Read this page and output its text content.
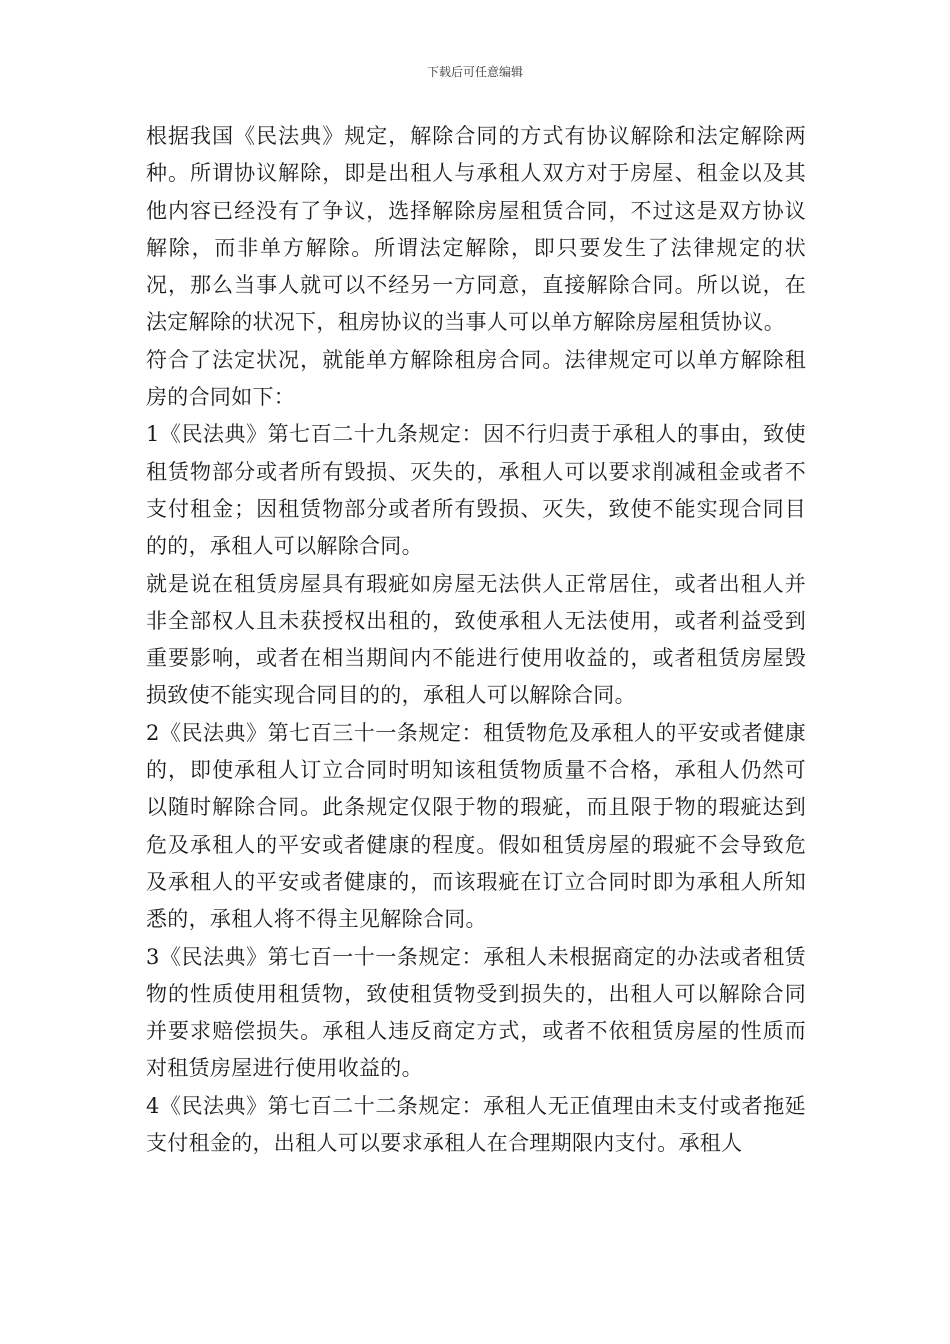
下载后可任意编辑

根据我国《民法典》规定，解除合同的方式有协议解除和法定解除两种。所谓协议解除，即是出租人与承租人双方对于房屋、租金以及其他内容已经没有了争议，选择解除房屋租赁合同，不过这是双方协议解除，而非单方解除。所谓法定解除，即只要发生了法律规定的状况，那么当事人就可以不经另一方同意，直接解除合同。所以说，在法定解除的状况下，租房协议的当事人可以单方解除房屋租赁协议。

符合了法定状况，就能单方解除租房合同。法律规定可以单方解除租房的合同如下：

1《民法典》第七百二十九条规定：因不行归责于承租人的事由，致使租赁物部分或者所有毁损、灭失的，承租人可以要求削减租金或者不支付租金；因租赁物部分或者所有毁损、灭失，致使不能实现合同目的的，承租人可以解除合同。

就是说在租赁房屋具有瑕疵如房屋无法供人正常居住，或者出租人并非全部权人且未获授权出租的，致使承租人无法使用，或者利益受到重要影响，或者在相当期间内不能进行使用收益的，或者租赁房屋毁损致使不能实现合同目的的，承租人可以解除合同。

2《民法典》第七百三十一条规定：租赁物危及承租人的平安或者健康的，即使承租人订立合同时明知该租赁物质量不合格，承租人仍然可以随时解除合同。此条规定仅限于物的瑕疵，而且限于物的瑕疵达到危及承租人的平安或者健康的程度。假如租赁房屋的瑕疵不会导致危及承租人的平安或者健康的，而该瑕疵在订立合同时即为承租人所知悉的，承租人将不得主见解除合同。

3《民法典》第七百一十一条规定：承租人未根据商定的办法或者租赁物的性质使用租赁物，致使租赁物受到损失的，出租人可以解除合同并要求赔偿损失。承租人违反商定方式，或者不依租赁房屋的性质而对租赁房屋进行使用收益的。

4《民法典》第七百二十二条规定：承租人无正值理由未支付或者拖延支付租金的，出租人可以要求承租人在合理期限内支付。承租人
